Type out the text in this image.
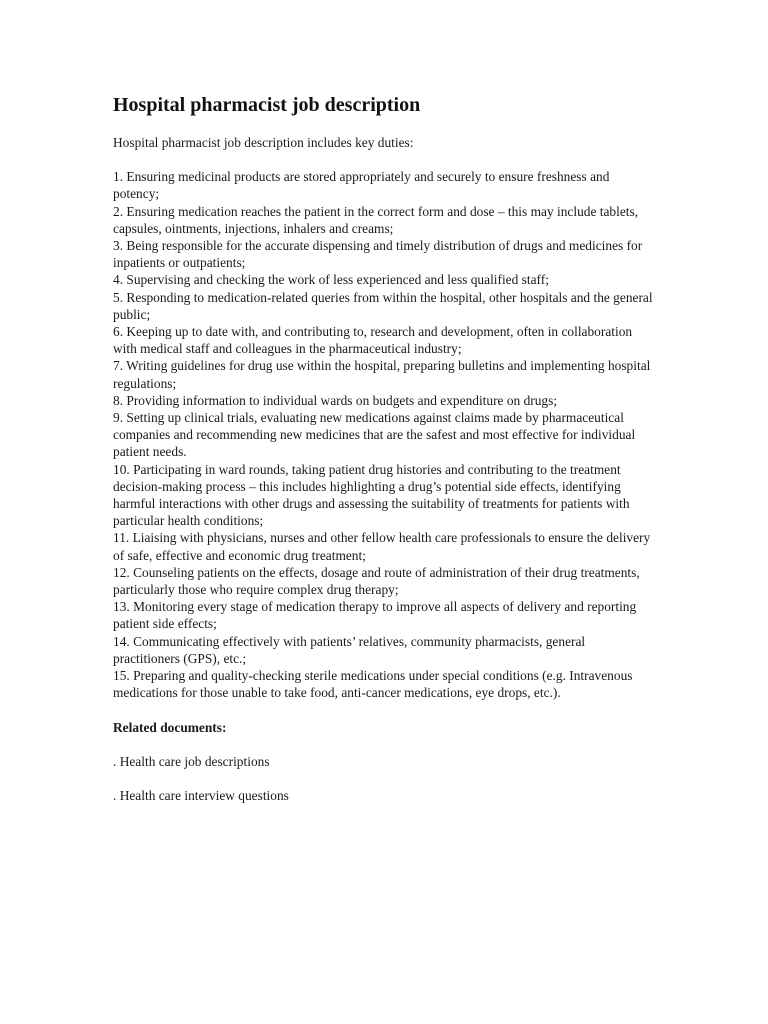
Hospital pharmacist job description

Hospital pharmacist job description includes key duties:

1. Ensuring medicinal products are stored appropriately and securely to ensure freshness and potency;
2. Ensuring medication reaches the patient in the correct form and dose – this may include tablets, capsules, ointments, injections, inhalers and creams;
3. Being responsible for the accurate dispensing and timely distribution of drugs and medicines for inpatients or outpatients;
4. Supervising and checking the work of less experienced and less qualified staff;
5. Responding to medication-related queries from within the hospital, other hospitals and the general public;
6. Keeping up to date with, and contributing to, research and development, often in collaboration with medical staff and colleagues in the pharmaceutical industry;
7. Writing guidelines for drug use within the hospital, preparing bulletins and implementing hospital regulations;
8. Providing information to individual wards on budgets and expenditure on drugs;
9. Setting up clinical trials, evaluating new medications against claims made by pharmaceutical companies and recommending new medicines that are the safest and most effective for individual patient needs.
10. Participating in ward rounds, taking patient drug histories and contributing to the treatment decision-making process – this includes highlighting a drug’s potential side effects, identifying harmful interactions with other drugs and assessing the suitability of treatments for patients with particular health conditions;
11. Liaising with physicians, nurses and other fellow health care professionals to ensure the delivery of safe, effective and economic drug treatment;
12. Counseling patients on the effects, dosage and route of administration of their drug treatments, particularly those who require complex drug therapy;
13. Monitoring every stage of medication therapy to improve all aspects of delivery and reporting patient side effects;
14. Communicating effectively with patients’ relatives, community pharmacists, general practitioners (GPS), etc.;
15. Preparing and quality-checking sterile medications under special conditions (e.g. Intravenous medications for those unable to take food, anti-cancer medications, eye drops, etc.).

Related documents:

. Health care job descriptions
. Health care interview questions
